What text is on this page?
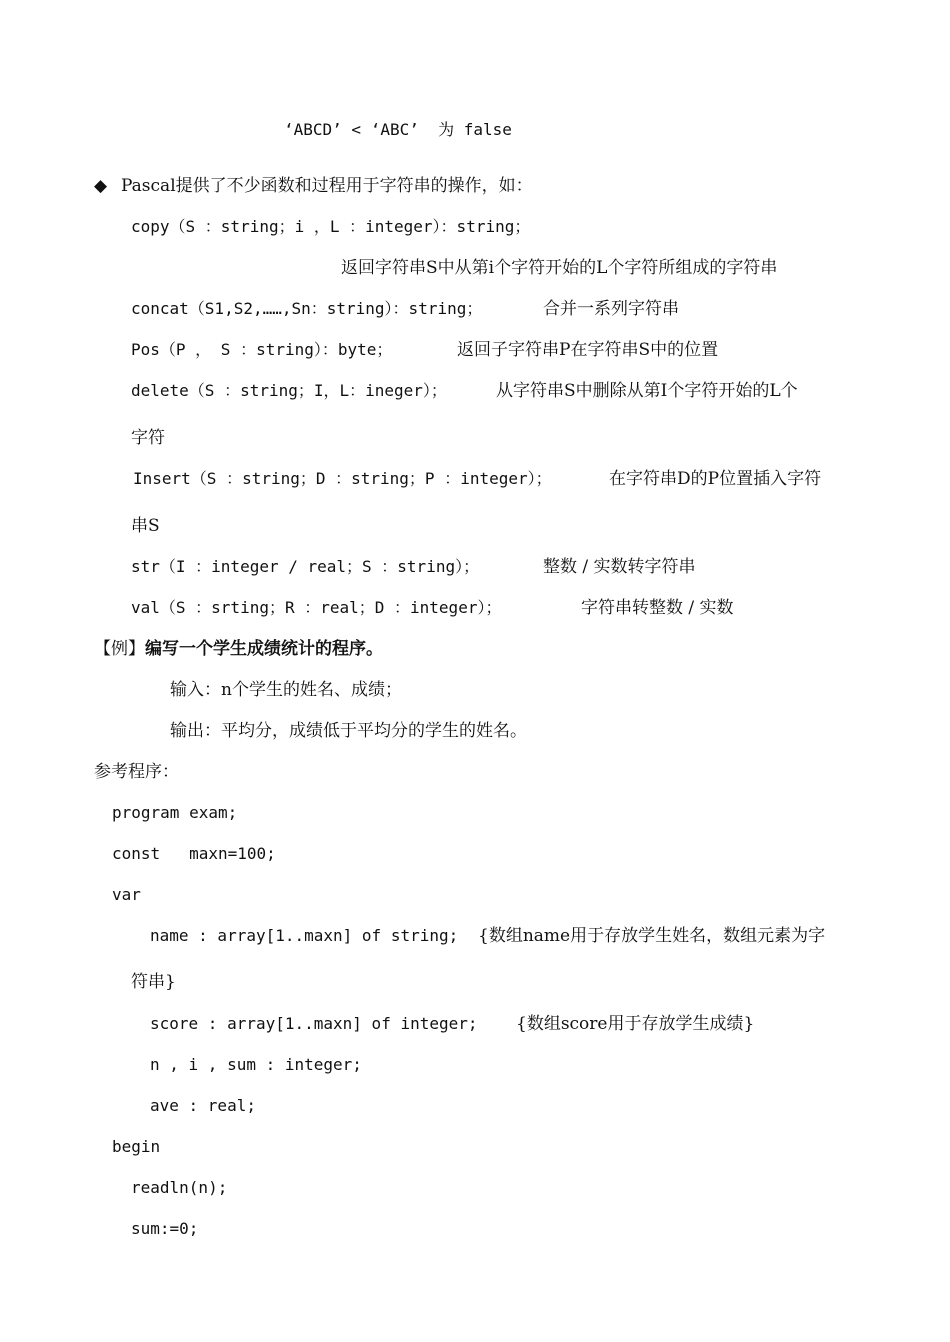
‘ABCD’ < ‘ABC’  为 false
◆ Pascal提供了不少函数和过程用于字符串的操作，如：
copy（S ：string；i ，L ：integer）：string；
返回字符串S中从第i个字符开始的L个字符所组成的字符串
concat（S1,S2,……,Sn：string）：string；	合并一系列字符串
Pos（P ， S ：string）：byte；	返回子字符串P在字符串S中的位置
delete（S ：string；I，L：ineger）；	从字符串S中删除从第I个字符开始的L个
字符
Insert（S ：string；D ：string；P ：integer）；	在字符串D的P位置插入字符
串S
str（I ：integer / real；S ：string）；	整数 / 实数转字符串
val（S ：srting；R ：real；D ：integer）；	字符串转整数 / 实数
【例】编写一个学生成绩统计的程序。
输入：n个学生的姓名、成绩；
输出：平均分，成绩低于平均分的学生的姓名。
参考程序：
program exam;
const   maxn=100;
var
name : array[1..maxn] of string; {数组name用于存放学生姓名，数组元素为字
符串}
score : array[1..maxn] of integer; {数组score用于存放学生成绩}
n , i , sum : integer;
ave : real;
begin
readln(n);
sum:=0;
